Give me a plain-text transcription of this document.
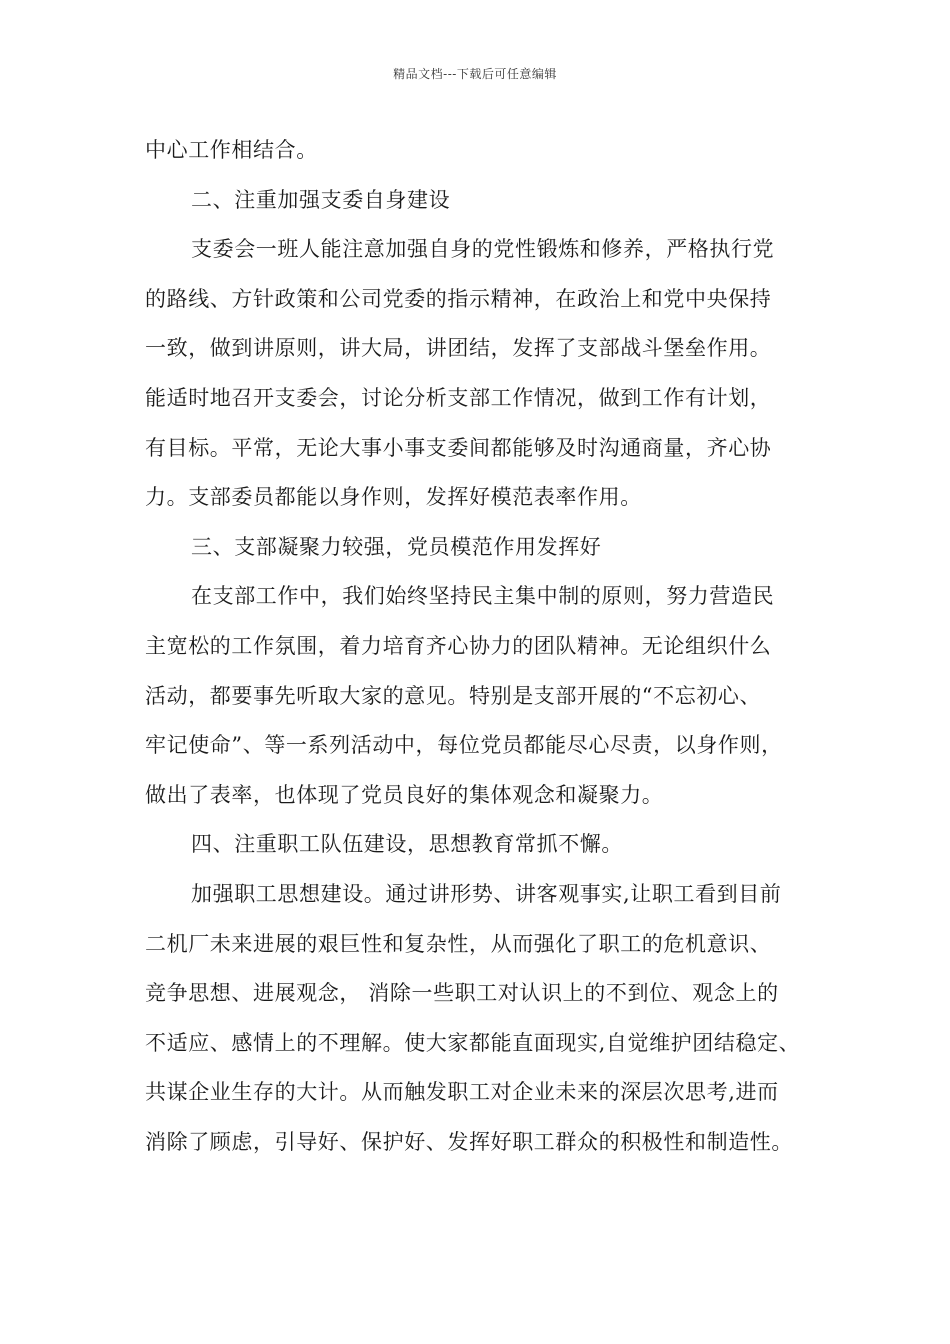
精品文档---下载后可任意编辑
中心工作相结合。
二、注重加强支委自身建设
支委会一班人能注意加强自身的党性锻炼和修养，严格执行党
的路线、方针政策和公司党委的指示精神，在政治上和党中央保持
一致，做到讲原则，讲大局，讲团结，发挥了支部战斗堡垒作用。
能适时地召开支委会，讨论分析支部工作情况，做到工作有计划，
有目标。平常，无论大事小事支委间都能够及时沟通商量，齐心协
力。支部委员都能以身作则，发挥好模范表率作用。
三、支部凝聚力较强，党员模范作用发挥好
在支部工作中，我们始终坚持民主集中制的原则，努力营造民
主宽松的工作氛围，着力培育齐心协力的团队精神。无论组织什么
活动，都要事先听取大家的意见。特别是支部开展的“不忘初心、
牢记使命”、等一系列活动中，每位党员都能尽心尽责，以身作则，
做出了表率，也体现了党员良好的集体观念和凝聚力。
四、注重职工队伍建设，思想教育常抓不懈。
加强职工思想建设。通过讲形势、讲客观事实,让职工看到目前
二机厂未来进展的艰巨性和复杂性，从而强化了职工的危机意识、
竞争思想、进展观念， 消除一些职工对认识上的不到位、观念上的
不适应、感情上的不理解。使大家都能直面现实,自觉维护团结稳定、
共谋企业生存的大计。从而触发职工对企业未来的深层次思考,进而
消除了顾虑，引导好、保护好、发挥好职工群众的积极性和制造性。
